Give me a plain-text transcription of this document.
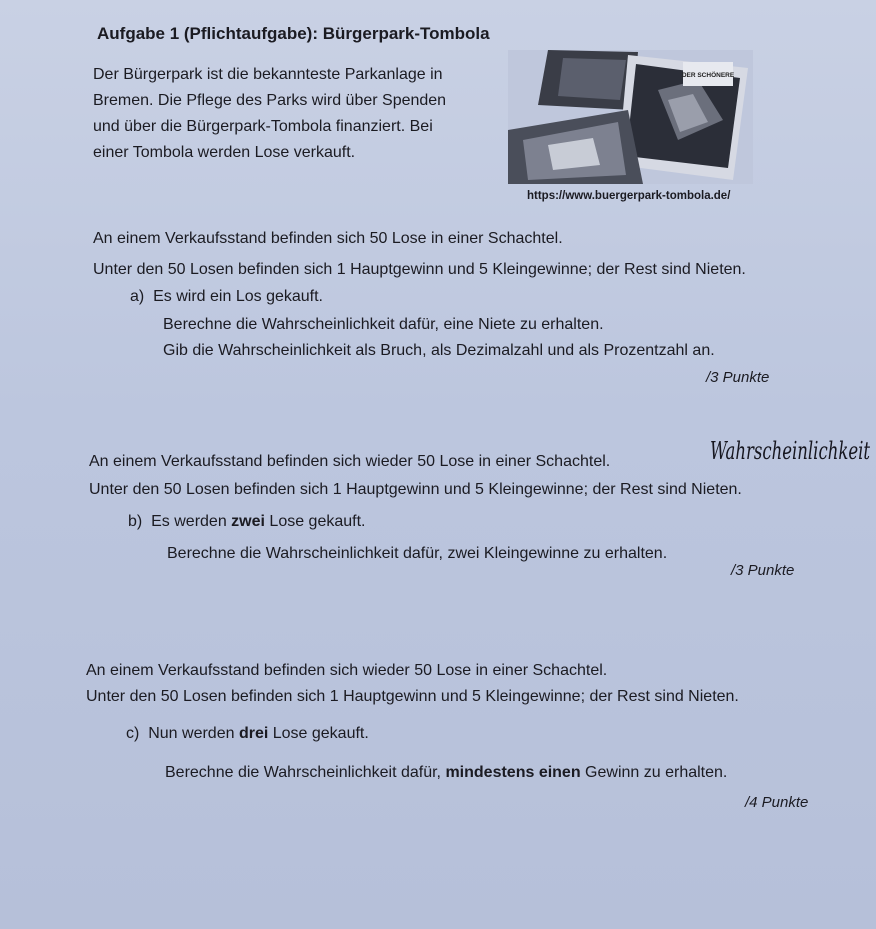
Aufgabe 1 (Pflichtaufgabe): Bürgerpark-Tombola
Der Bürgerpark ist die bekannteste Parkanlage in
Bremen. Die Pflege des Parks wird über Spenden
und über die Bürgerpark-Tombola finanziert. Bei
einer Tombola werden Lose verkauft.
DER SCHÖNERE
https://www.buergerpark-tombola.de/
An einem Verkaufsstand befinden sich 50 Lose in einer Schachtel.
Unter den 50 Losen befinden sich 1 Hauptgewinn und 5 Kleingewinne; der Rest sind Nieten.
a) Es wird ein Los gekauft.
Berechne die Wahrscheinlichkeit dafür, eine Niete zu erhalten.
Gib die Wahrscheinlichkeit als Bruch, als Dezimalzahl und als Prozentzahl an.
/3 Punkte
An einem Verkaufsstand befinden sich wieder 50 Lose in einer Schachtel.	Wahrscheinlichkeit
Unter den 50 Losen befinden sich 1 Hauptgewinn und 5 Kleingewinne; der Rest sind Nieten.
b) Es werden zwei Lose gekauft.
Berechne die Wahrscheinlichkeit dafür, zwei Kleingewinne zu erhalten.
/3 Punkte
An einem Verkaufsstand befinden sich wieder 50 Lose in einer Schachtel.
Unter den 50 Losen befinden sich 1 Hauptgewinn und 5 Kleingewinne; der Rest sind Nieten.
c) Nun werden drei Lose gekauft.
Berechne die Wahrscheinlichkeit dafür, mindestens einen Gewinn zu erhalten.
/4 Punkte
